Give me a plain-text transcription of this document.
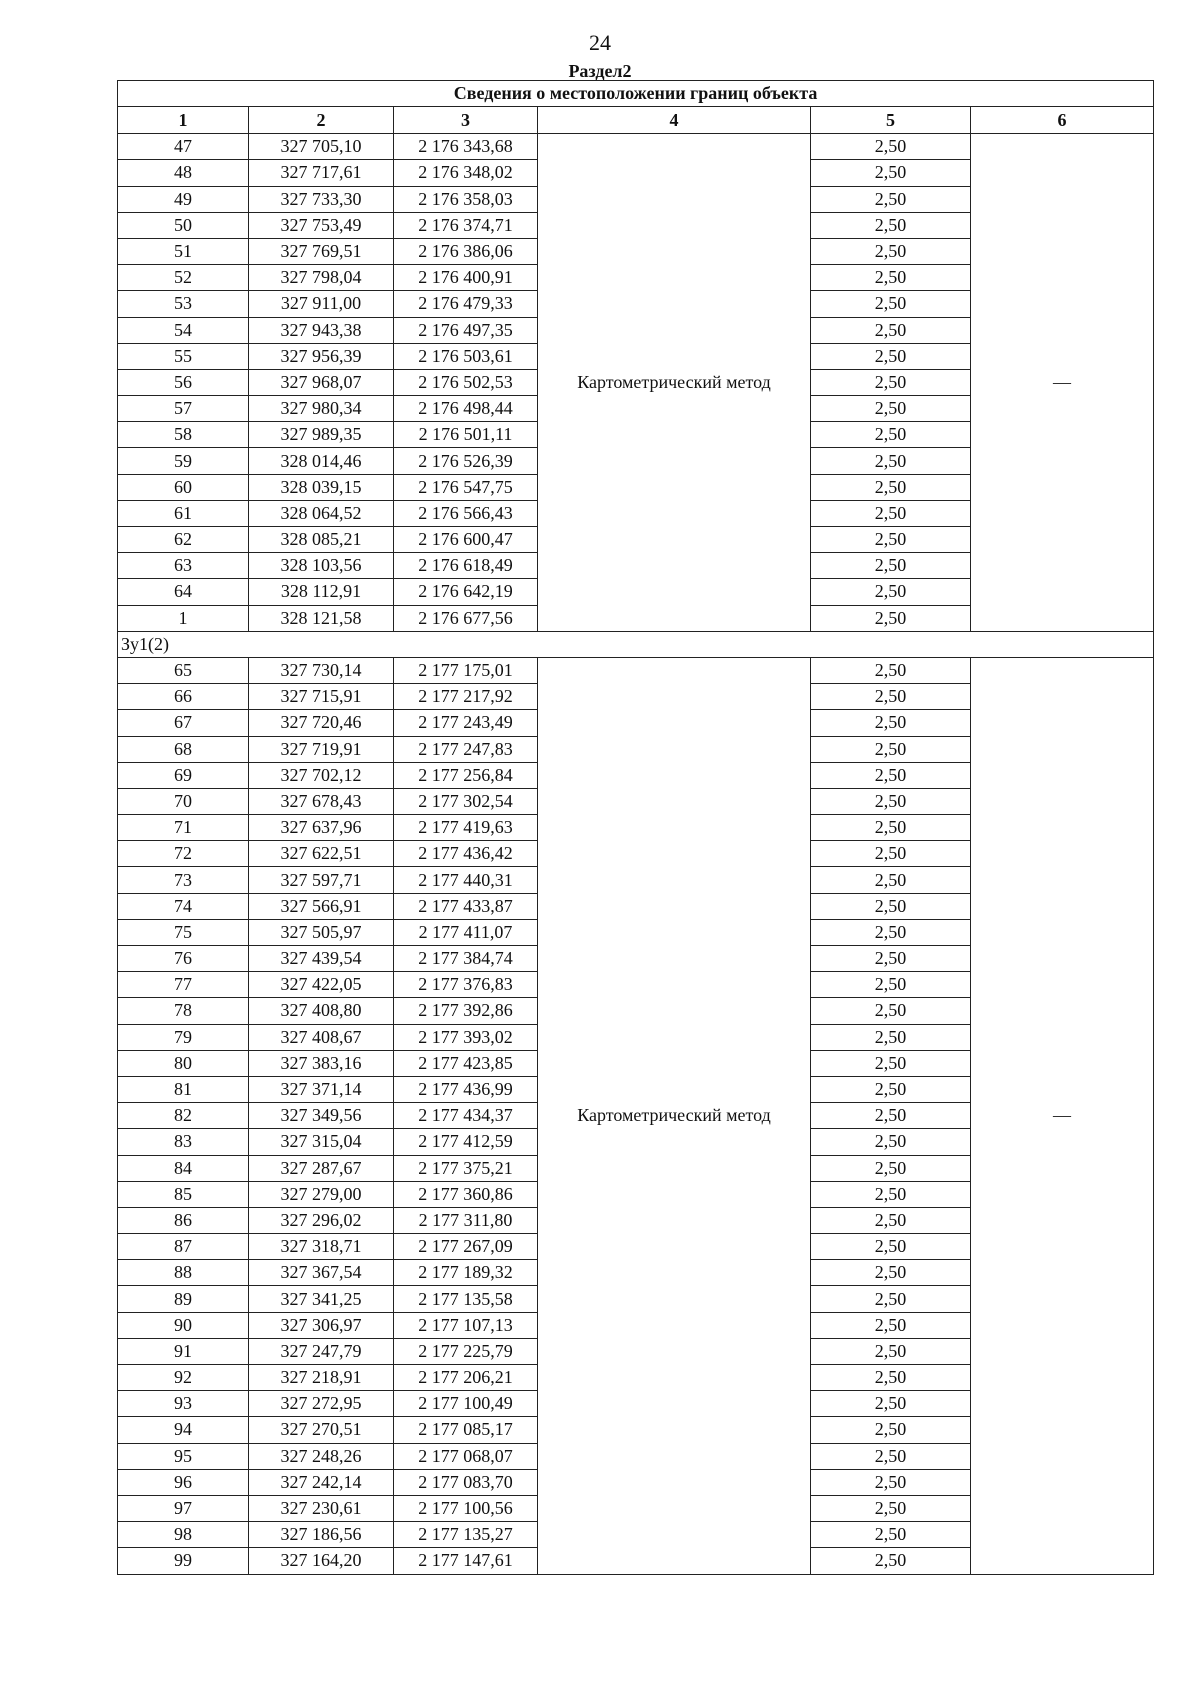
24
Раздел2
Сведения о местоположении границ объекта					
1	2	3	4	5	6
47	327 705,10	2 176 343,68	Картометрический метод	2,50	—
48	327 717,61	2 176 348,02		2,50	
49	327 733,30	2 176 358,03		2,50	
50	327 753,49	2 176 374,71		2,50	
51	327 769,51	2 176 386,06		2,50	
52	327 798,04	2 176 400,91		2,50	
53	327 911,00	2 176 479,33		2,50	
54	327 943,38	2 176 497,35		2,50	
55	327 956,39	2 176 503,61		2,50	
56	327 968,07	2 176 502,53		2,50	
57	327 980,34	2 176 498,44		2,50	
58	327 989,35	2 176 501,11		2,50	
59	328 014,46	2 176 526,39		2,50	
60	328 039,15	2 176 547,75		2,50	
61	328 064,52	2 176 566,43		2,50	
62	328 085,21	2 176 600,47		2,50	
63	328 103,56	2 176 618,49		2,50	
64	328 112,91	2 176 642,19		2,50	
1	328 121,58	2 176 677,56		2,50	
Зу1(2)					
65	327 730,14	2 177 175,01	Картометрический метод	2,50	—
66	327 715,91	2 177 217,92		2,50	
67	327 720,46	2 177 243,49		2,50	
68	327 719,91	2 177 247,83		2,50	
69	327 702,12	2 177 256,84		2,50	
70	327 678,43	2 177 302,54		2,50	
71	327 637,96	2 177 419,63		2,50	
72	327 622,51	2 177 436,42		2,50	
73	327 597,71	2 177 440,31		2,50	
74	327 566,91	2 177 433,87		2,50	
75	327 505,97	2 177 411,07		2,50	
76	327 439,54	2 177 384,74		2,50	
77	327 422,05	2 177 376,83		2,50	
78	327 408,80	2 177 392,86		2,50	
79	327 408,67	2 177 393,02		2,50	
80	327 383,16	2 177 423,85		2,50	
81	327 371,14	2 177 436,99		2,50	
82	327 349,56	2 177 434,37		2,50	
83	327 315,04	2 177 412,59		2,50	
84	327 287,67	2 177 375,21		2,50	
85	327 279,00	2 177 360,86		2,50	
86	327 296,02	2 177 311,80		2,50	
87	327 318,71	2 177 267,09		2,50	
88	327 367,54	2 177 189,32		2,50	
89	327 341,25	2 177 135,58		2,50	
90	327 306,97	2 177 107,13		2,50	
91	327 247,79	2 177 225,79		2,50	
92	327 218,91	2 177 206,21		2,50	
93	327 272,95	2 177 100,49		2,50	
94	327 270,51	2 177 085,17		2,50	
95	327 248,26	2 177 068,07		2,50	
96	327 242,14	2 177 083,70		2,50	
97	327 230,61	2 177 100,56		2,50	
98	327 186,56	2 177 135,27		2,50	
99	327 164,20	2 177 147,61		2,50	
